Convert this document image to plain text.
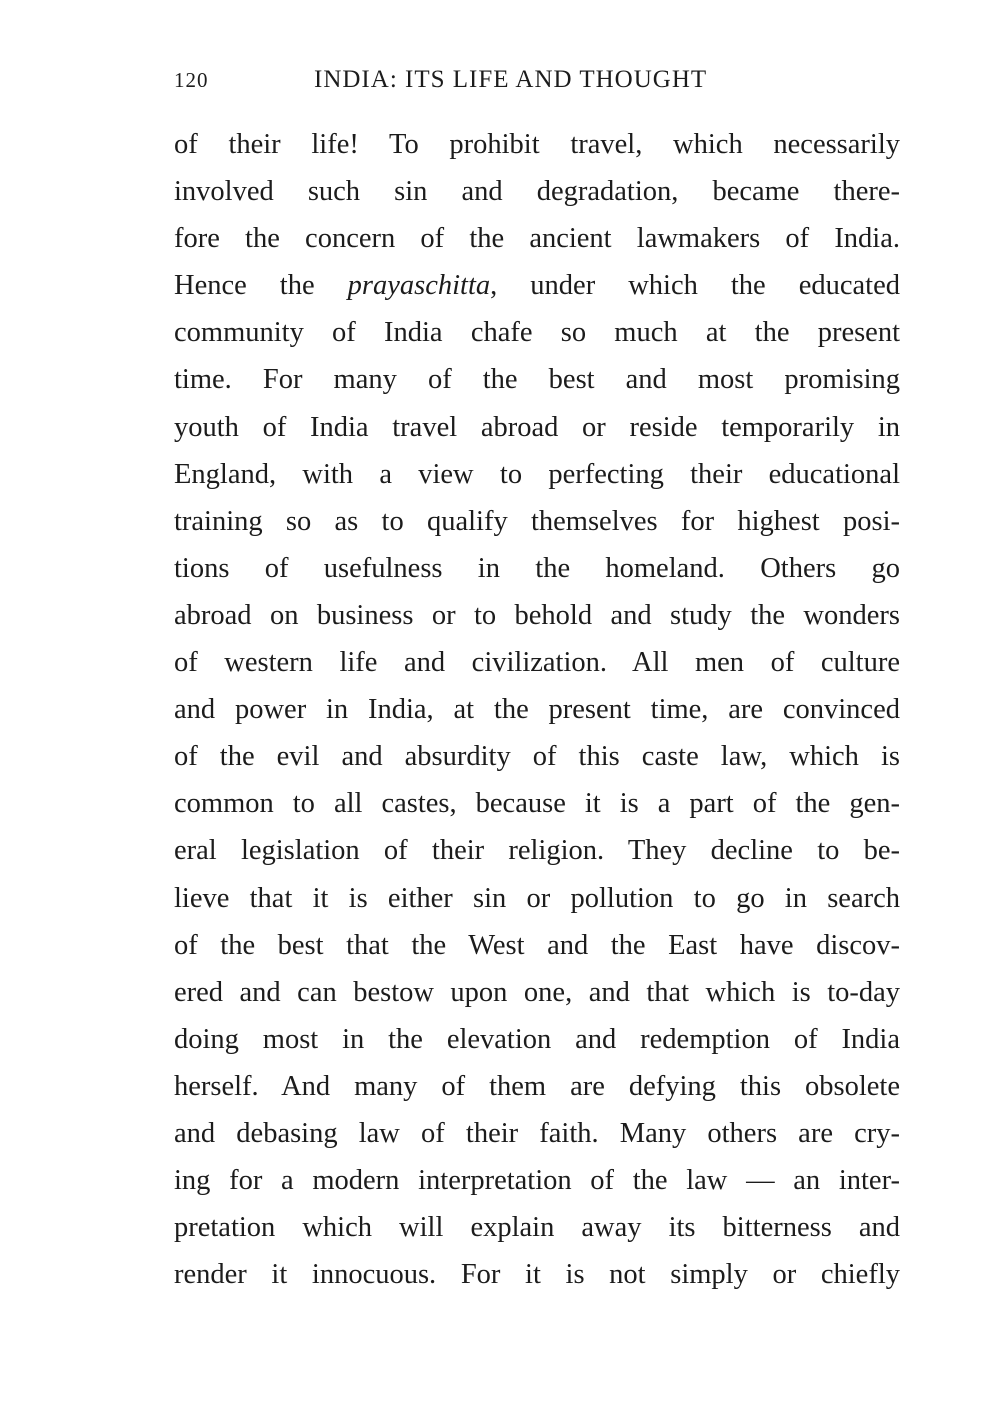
120	INDIA: ITS LIFE AND THOUGHT
of their life! To prohibit travel, which necessarily
involved such sin and degradation, became there-
fore the concern of the ancient lawmakers of India.
Hence the prayaschitta, under which the educated
community of India chafe so much at the present
time. For many of the best and most promising
youth of India travel abroad or reside temporarily in
England, with a view to perfecting their educational
training so as to qualify themselves for highest posi-
tions of usefulness in the homeland. Others go
abroad on business or to behold and study the wonders
of western life and civilization. All men of culture
and power in India, at the present time, are convinced
of the evil and absurdity of this caste law, which is
common to all castes, because it is a part of the gen-
eral legislation of their religion. They decline to be-
lieve that it is either sin or pollution to go in search
of the best that the West and the East have discov-
ered and can bestow upon one, and that which is to-day
doing most in the elevation and redemption of India
herself. And many of them are defying this obsolete
and debasing law of their faith. Many others are cry-
ing for a modern interpretation of the law — an inter-
pretation which will explain away its bitterness and
render it innocuous. For it is not simply or chiefly
